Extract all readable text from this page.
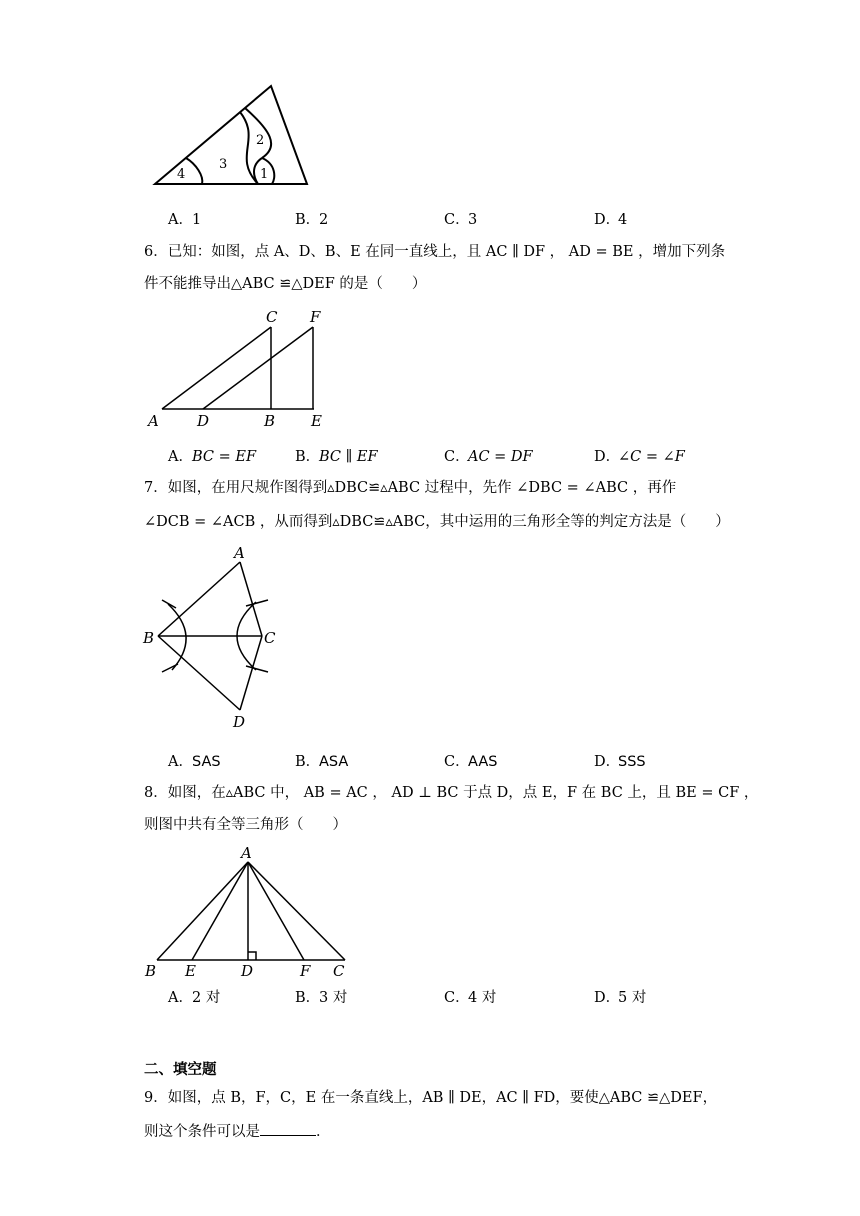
4
3
2
1
A．1	B．2	C．3	D．4
6．已知：如图，点 A、D、B、E 在同一直线上，且 AC ∥ DF ， AD = BE ，增加下列条
件不能推导出△ABC ≌△DEF 的是（　　）
A	D	B E
C F
A．BC = EF	B．BC ∥ EF	C．AC = DF	D．∠C = ∠F
7．如图，在用尺规作图得到▵DBC≌▵ABC 过程中，先作 ∠DBC = ∠ABC ，再作
∠DCB = ∠ACB ，从而得到▵DBC≌▵ABC，其中运用的三角形全等的判定方法是（　　）
A
B	C
D
A．SAS	B．ASA	C．AAS	D．SSS
8．如图，在▵ABC 中， AB = AC ， AD ⊥ BC 于点 D，点 E，F 在 BC 上，且 BE = CF ，
则图中共有全等三角形（　　）
A
B E	D	F C
A．2 对	B．3 对	C．4 对	D．5 对
二、填空题
9．如图，点 B，F，C，E 在一条直线上，AB ∥ DE，AC ∥ FD，要使△ABC ≌△DEF，
则这个条件可以是	．
